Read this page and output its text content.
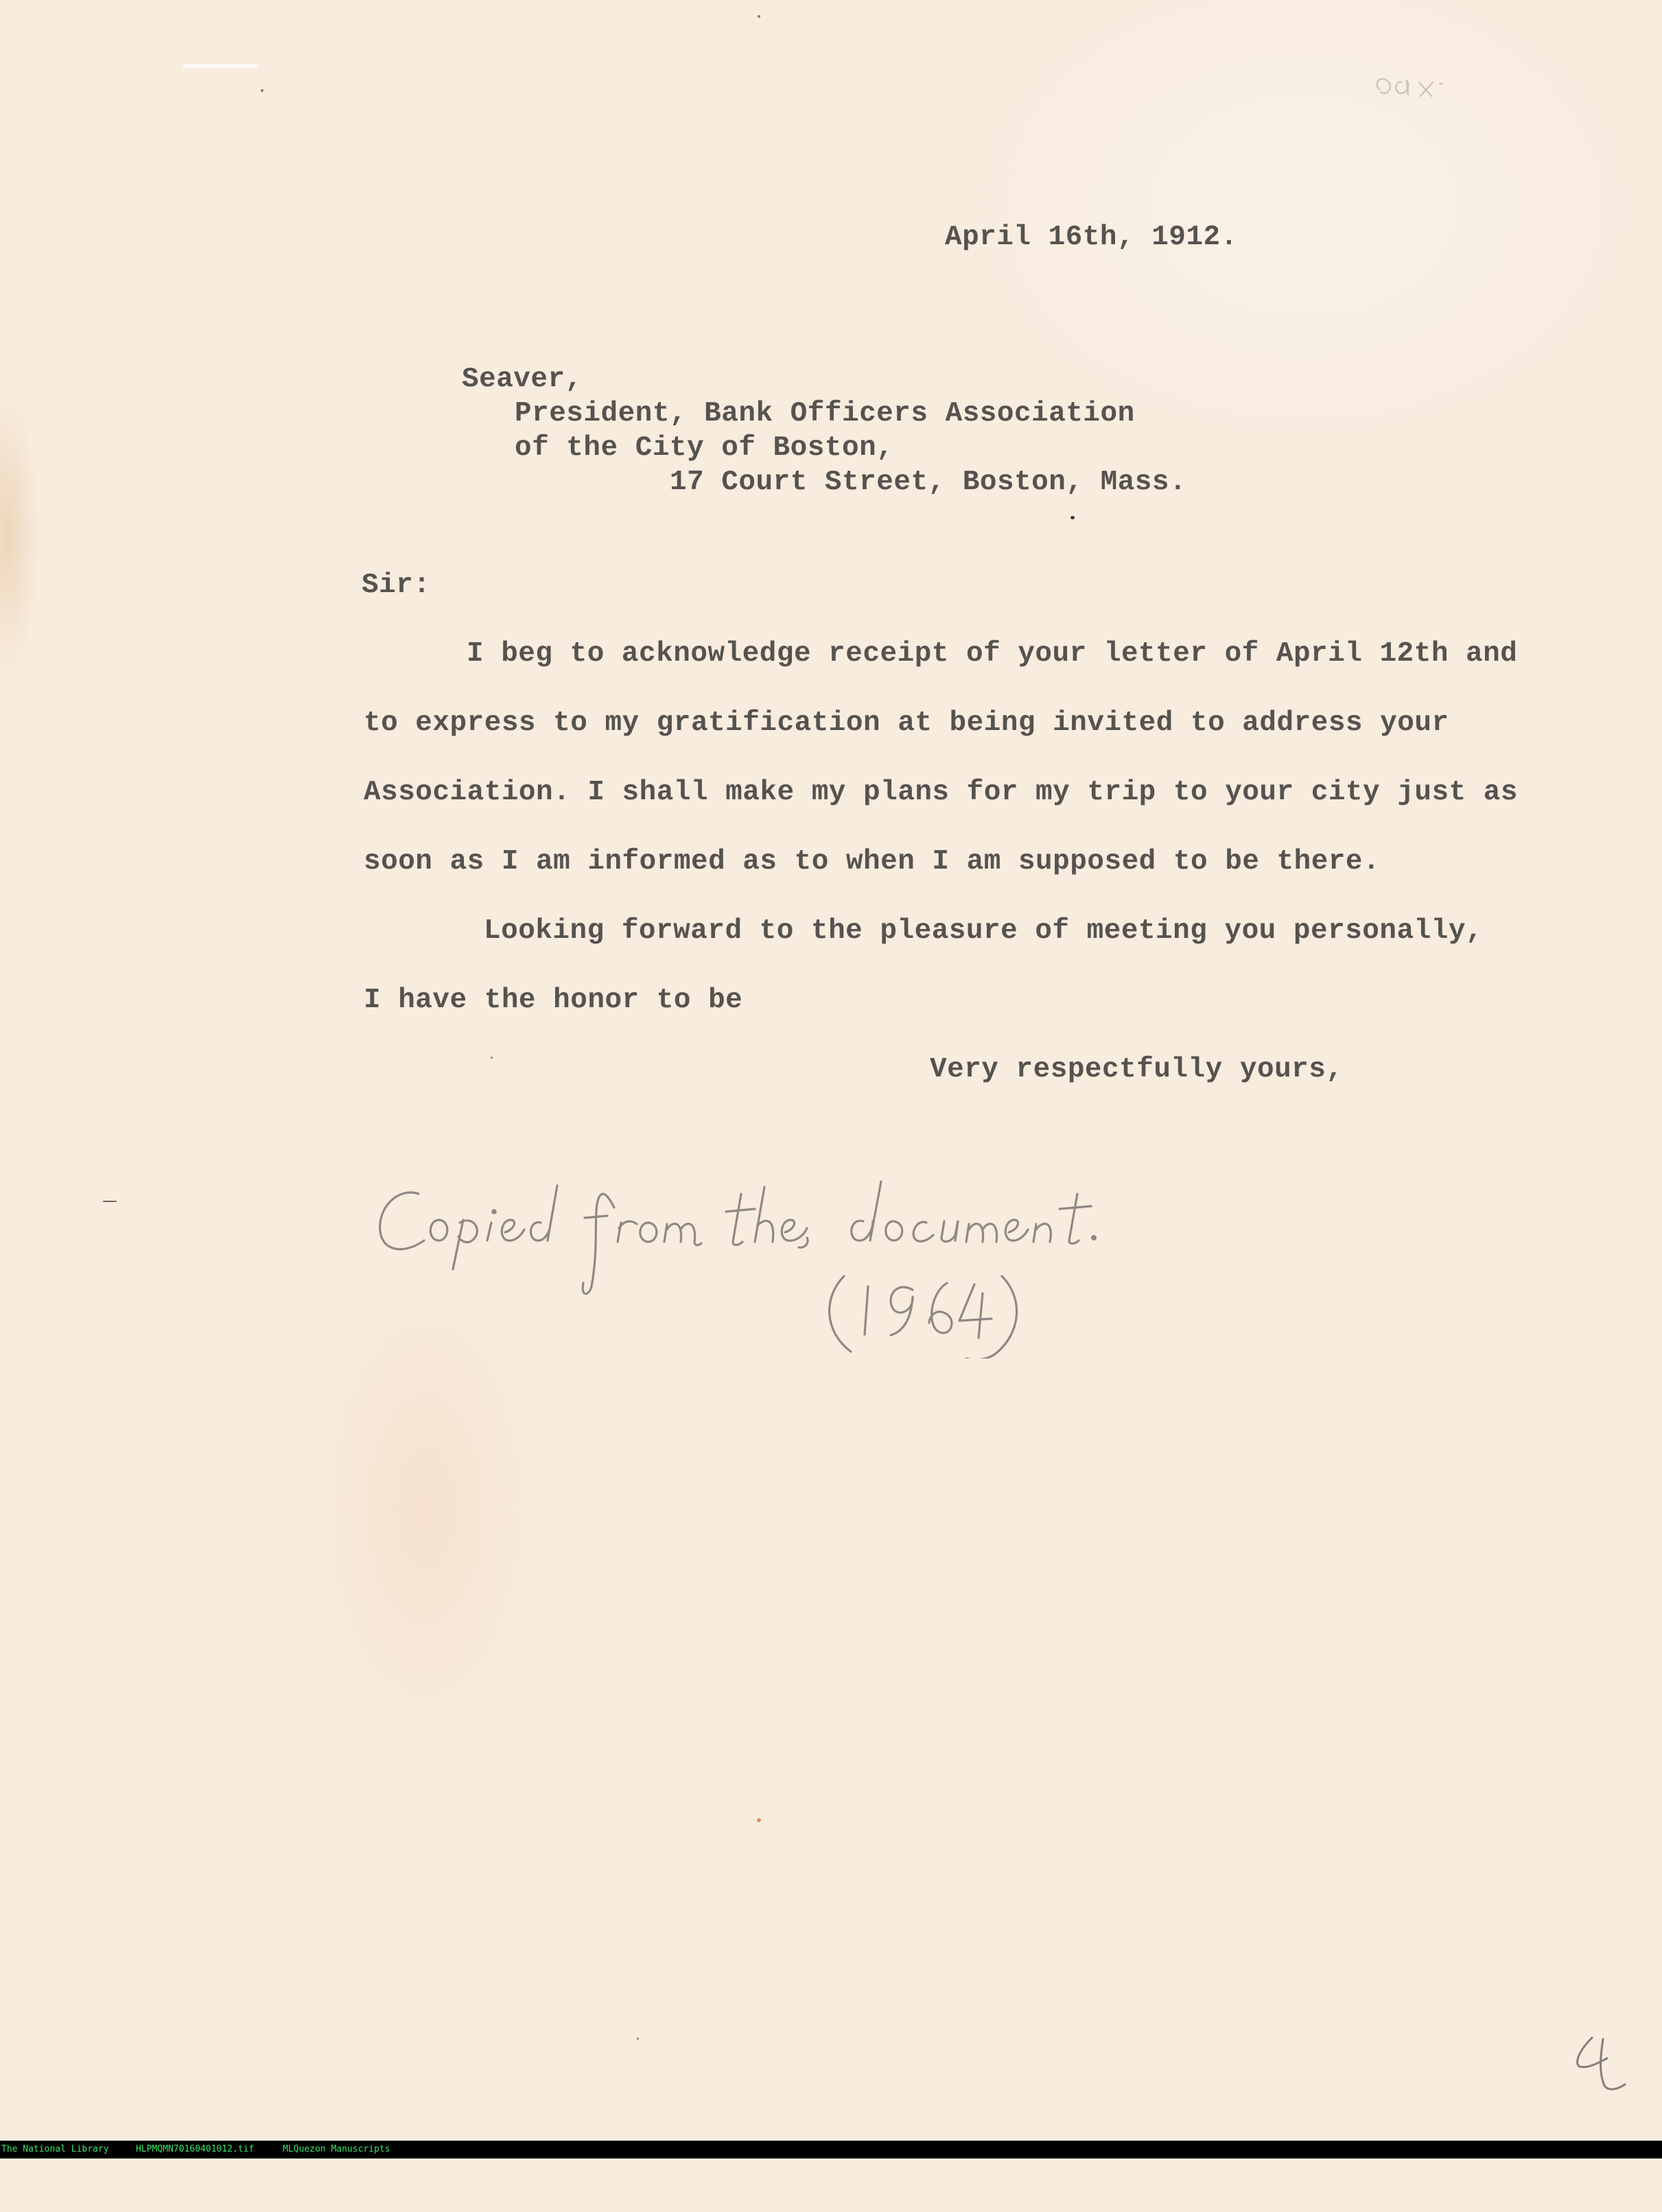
April 16th, 1912.
Seaver,
President, Bank Officers Association
of the City of Boston,
17 Court Street, Boston, Mass.
Sir:
I beg to acknowledge receipt of your letter of April 12th and
to express to my gratification at being invited to address your
Association. I shall make my plans for my trip to your city just as
soon as I am informed as to when I am supposed to be there.
Looking forward to the pleasure of meeting you personally,
I have the honor to be
Very respectfully yours,

The National Library

	HLPMQMN7016040101​2.tif

	MLQuezon Manuscripts
